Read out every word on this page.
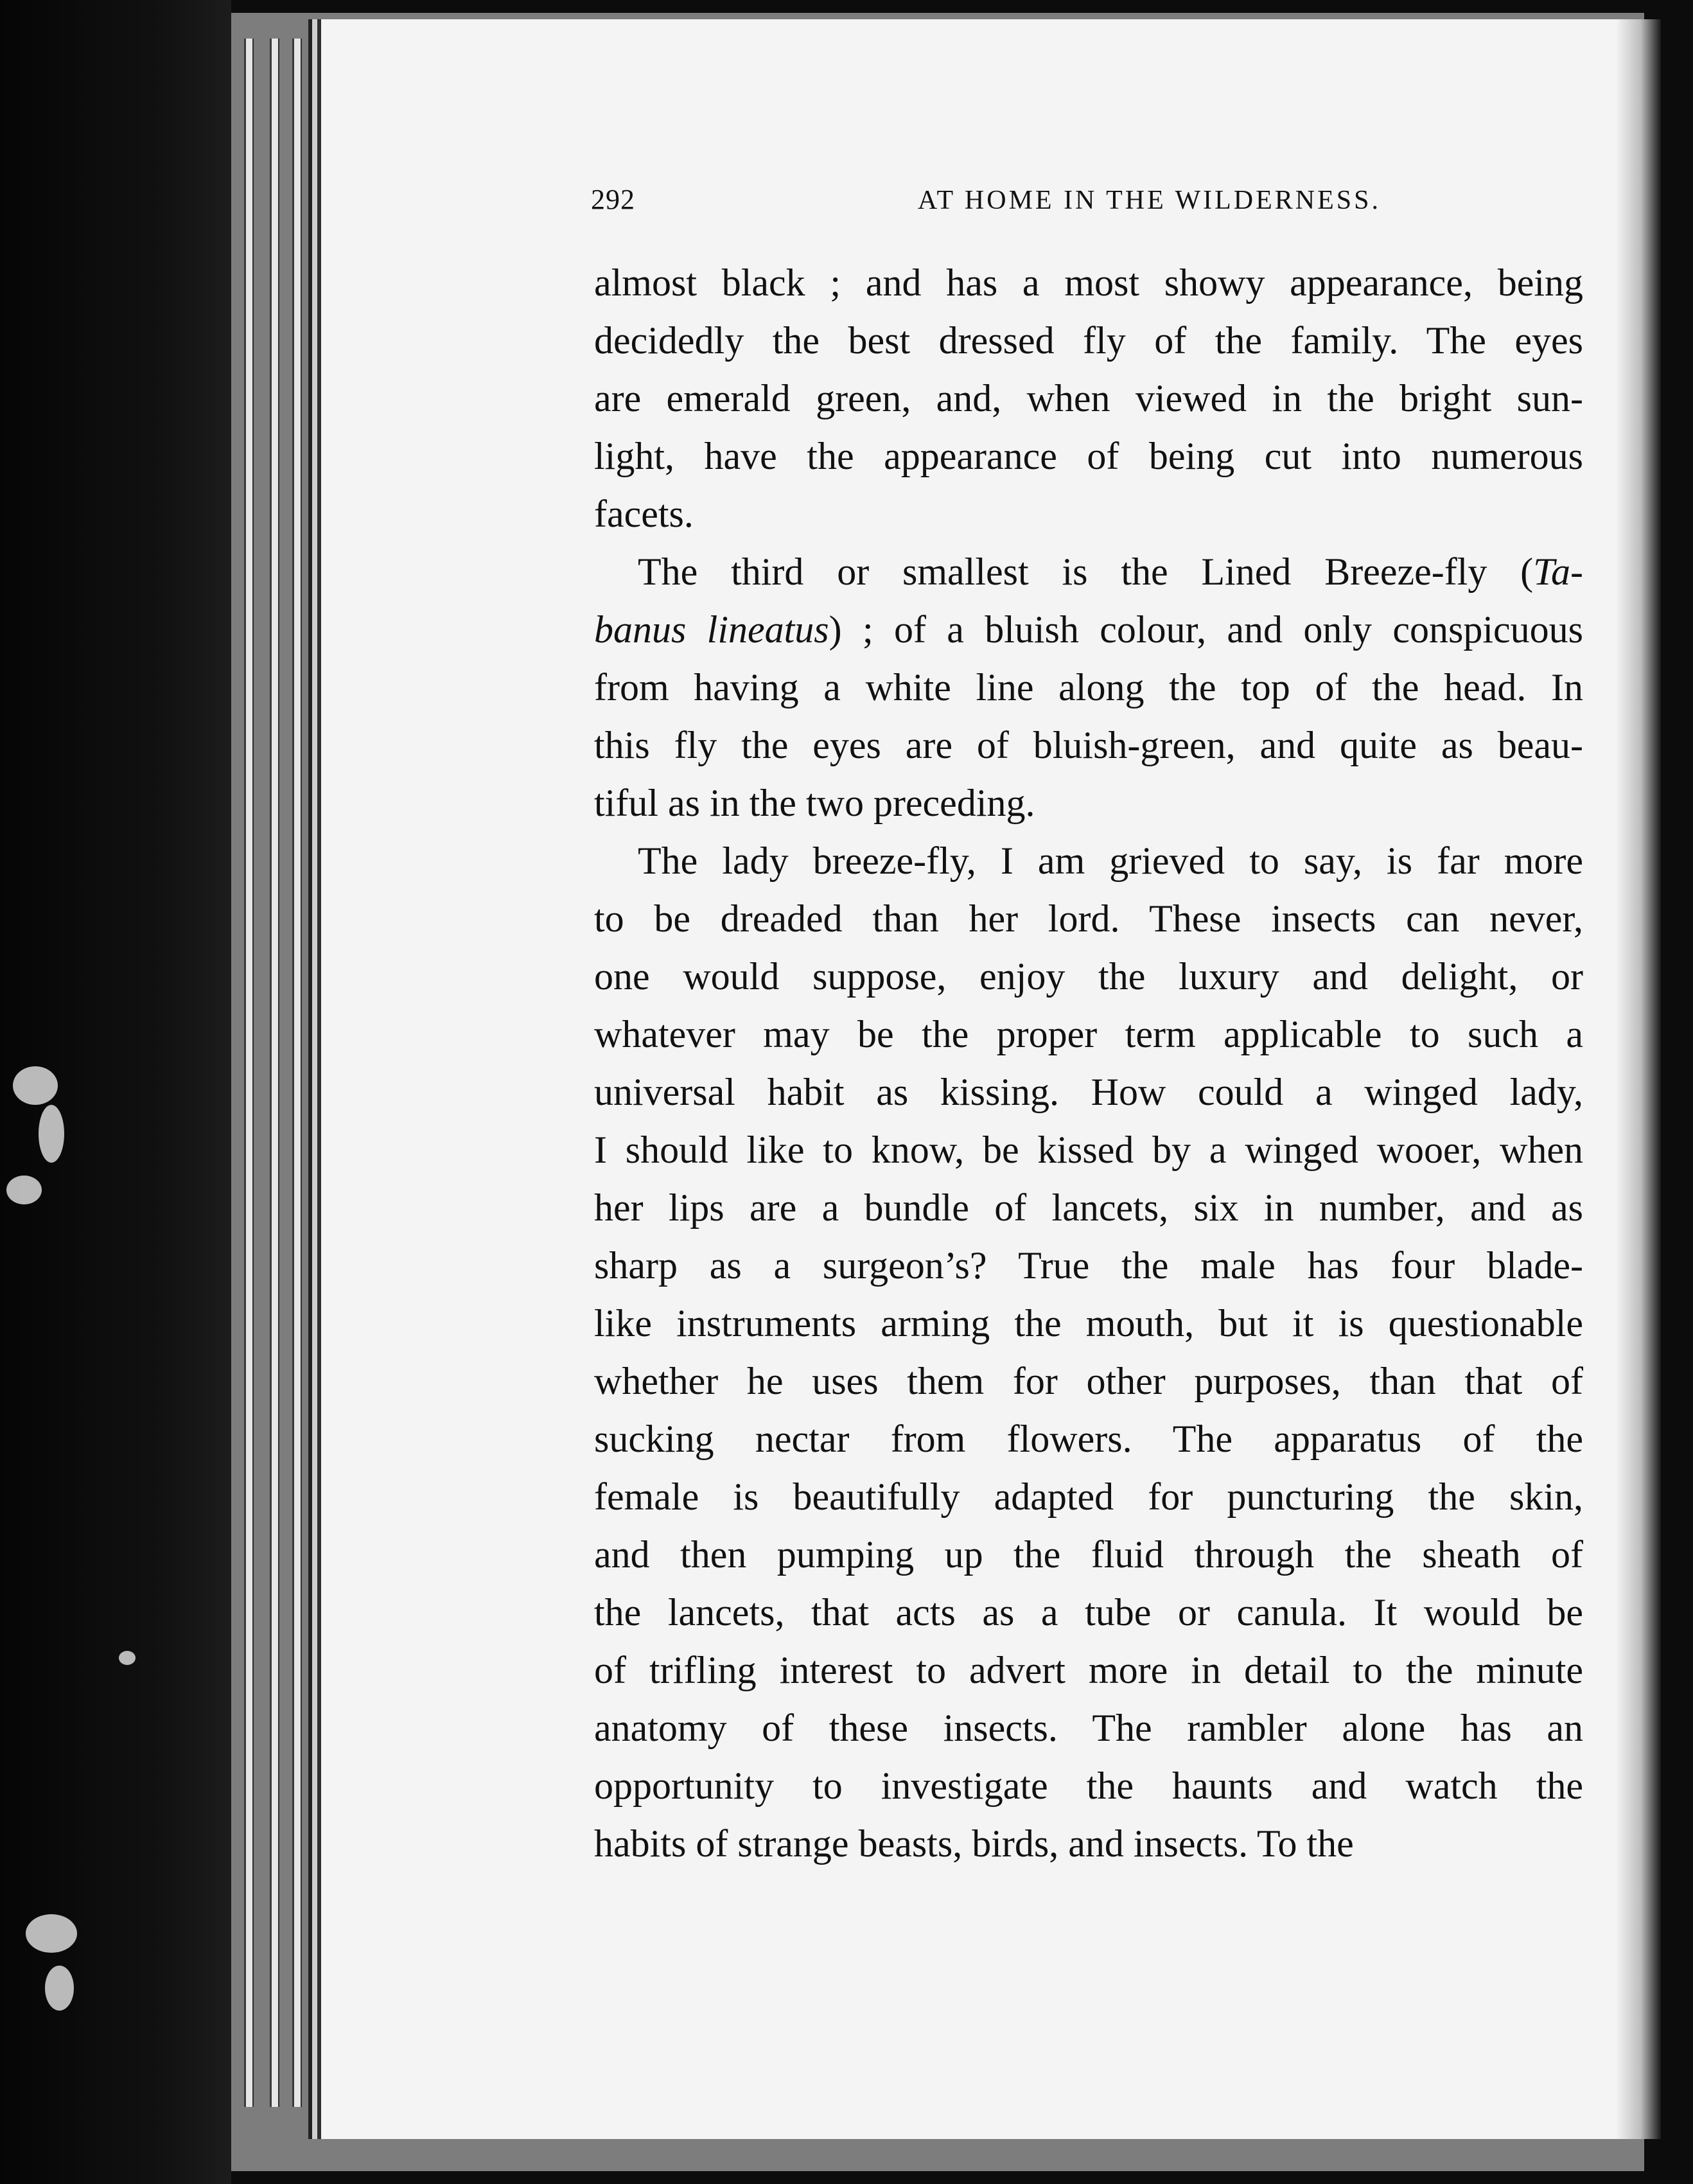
292	AT HOME IN THE WILDERNESS.
almost black ; and has a most showy appearance, being
decidedly the best dressed fly of the family. The eyes
are emerald green, and, when viewed in the bright sun-
light, have the appearance of being cut into numerous
facets.
The third or smallest is the Lined Breeze-fly (Ta-
banus lineatus) ; of a bluish colour, and only conspicuous
from having a white line along the top of the head. In
this fly the eyes are of bluish-green, and quite as beau-
tiful as in the two preceding.
The lady breeze-fly, I am grieved to say, is far more
to be dreaded than her lord. These insects can never,
one would suppose, enjoy the luxury and delight, or
whatever may be the proper term applicable to such a
universal habit as kissing. How could a winged lady,
I should like to know, be kissed by a winged wooer, when
her lips are a bundle of lancets, six in number, and as
sharp as a surgeon’s? True the male has four blade-
like instruments arming the mouth, but it is questionable
whether he uses them for other purposes, than that of
sucking nectar from flowers. The apparatus of the
female is beautifully adapted for puncturing the skin,
and then pumping up the fluid through the sheath of
the lancets, that acts as a tube or canula. It would be
of trifling interest to advert more in detail to the minute
anatomy of these insects. The rambler alone has an
opportunity to investigate the haunts and watch the
habits of strange beasts, birds, and insects. To the
